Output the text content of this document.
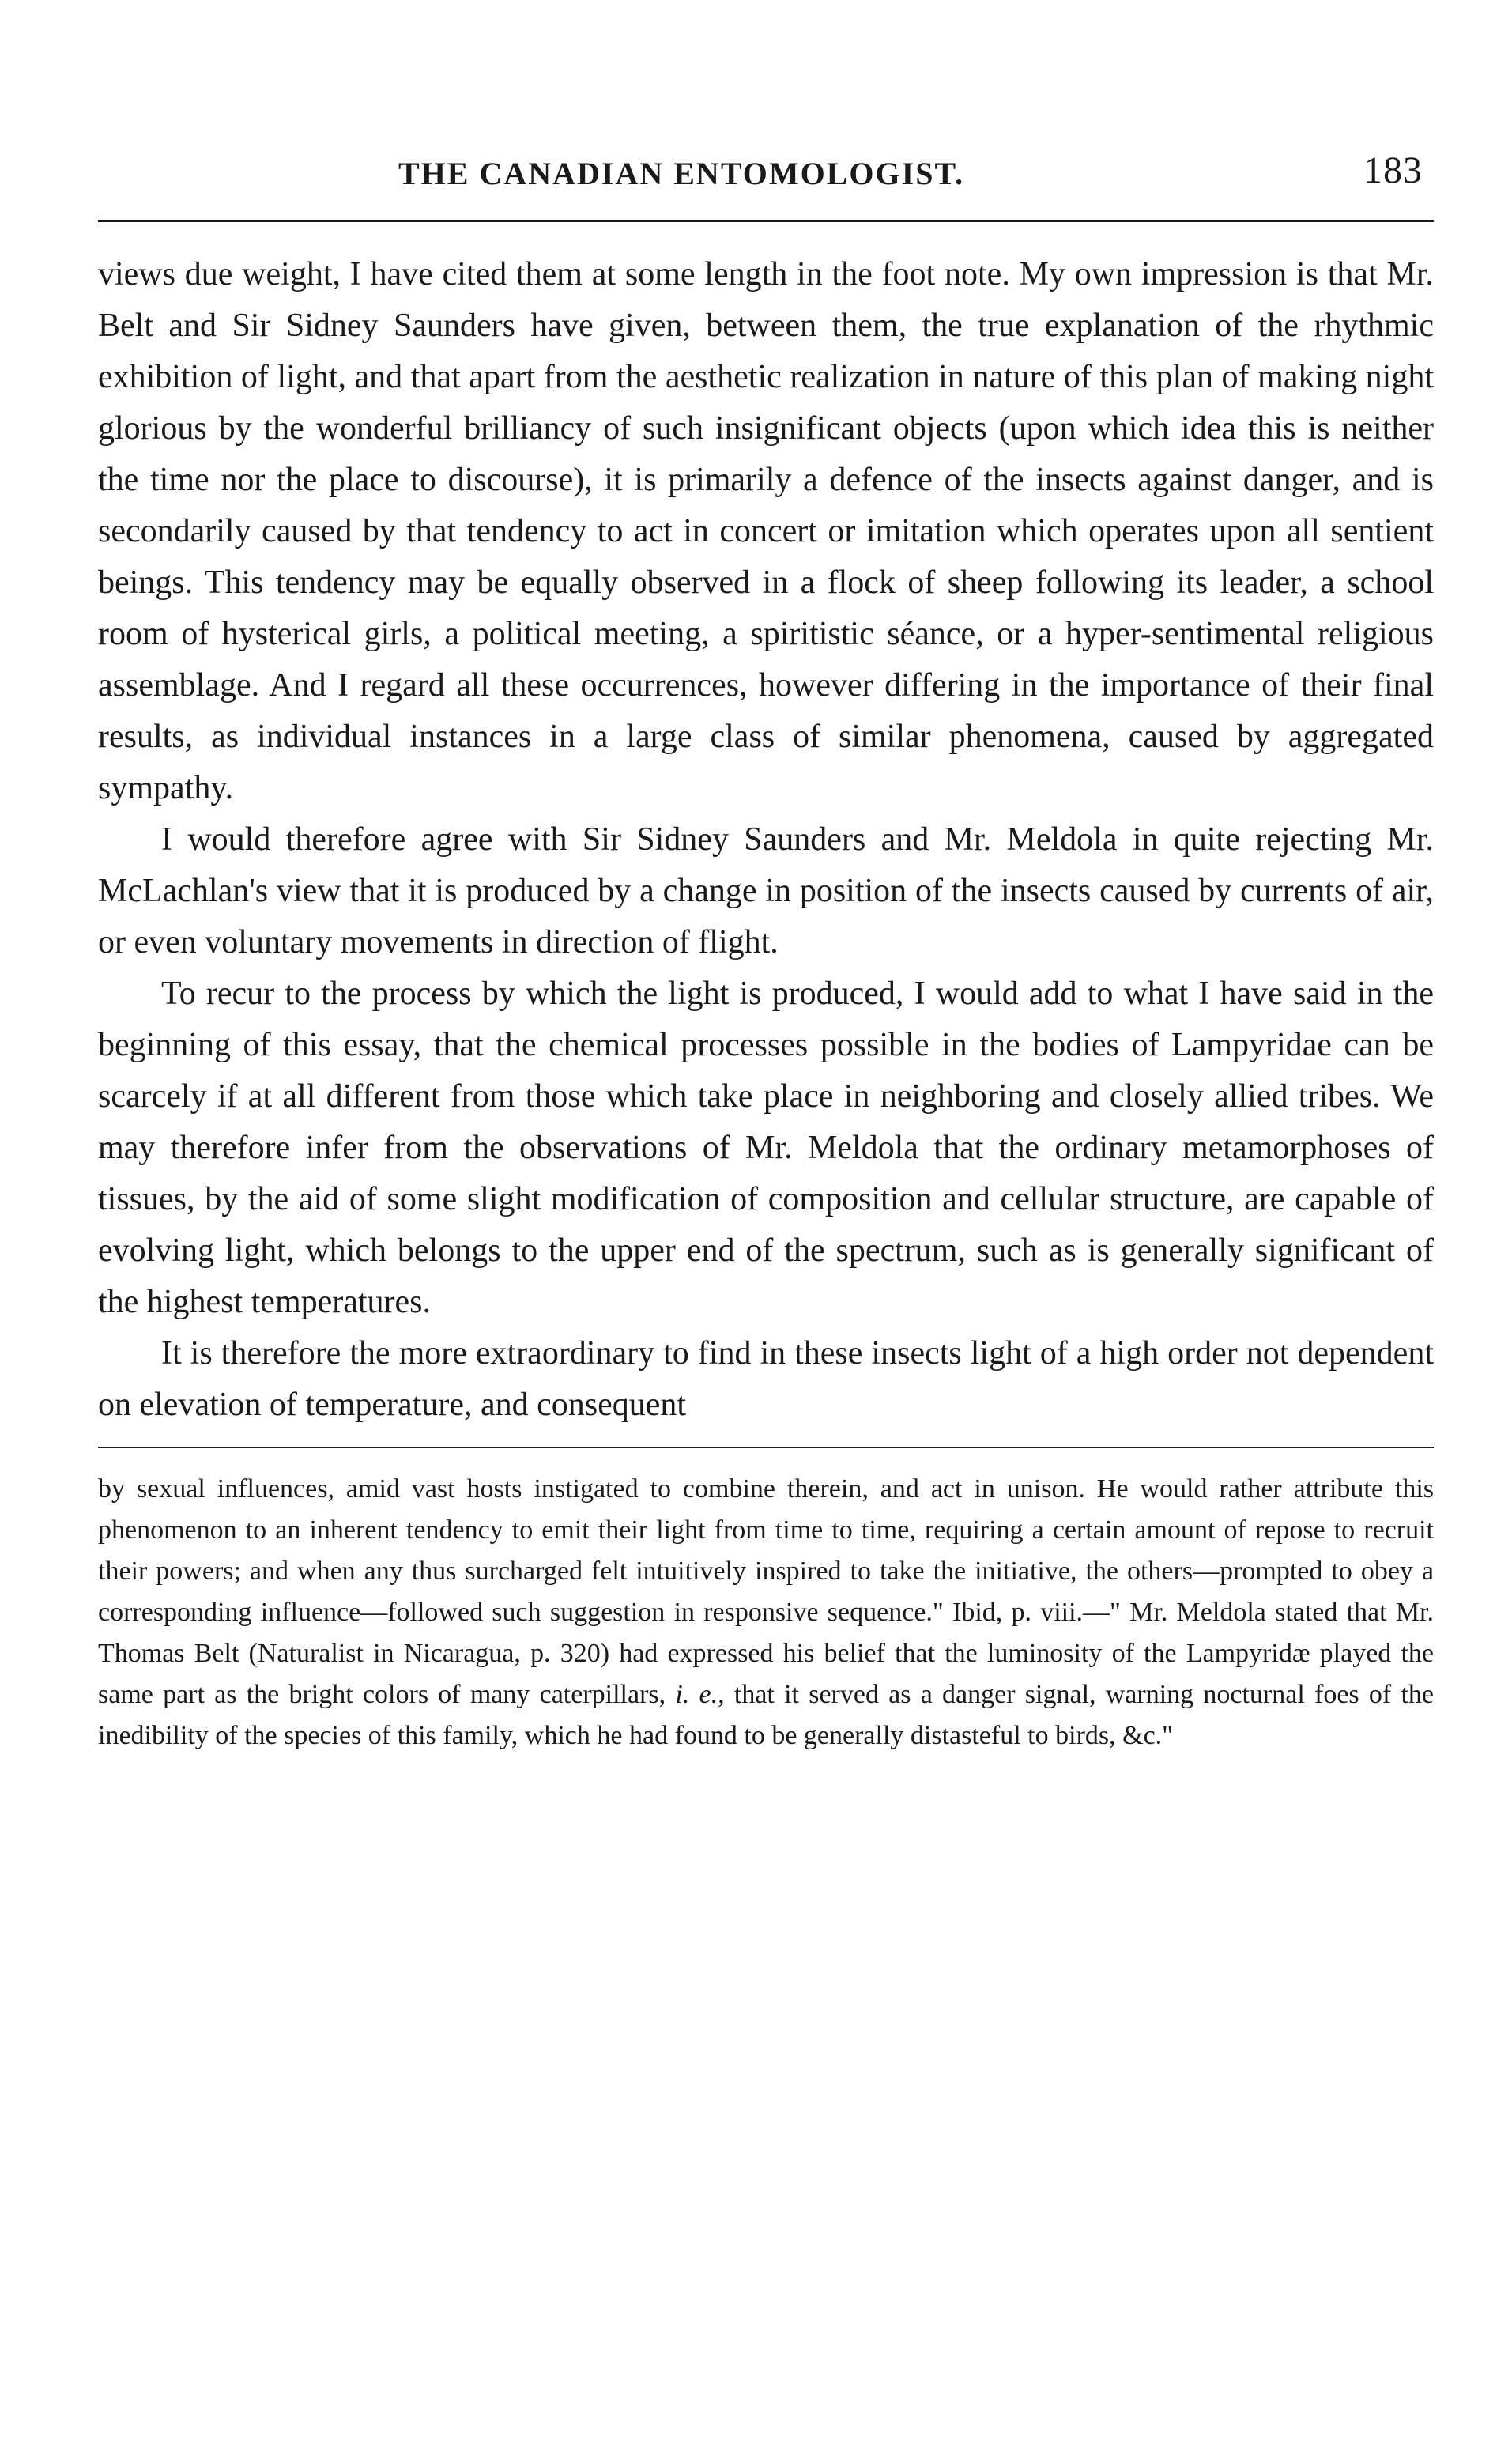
THE CANADIAN ENTOMOLOGIST.	183

views due weight, I have cited them at some length in the foot note. My own impression is that Mr. Belt and Sir Sidney Saunders have given, between them, the true explanation of the rhythmic exhibition of light, and that apart from the aesthetic realization in nature of this plan of making night glorious by the wonderful brilliancy of such insignificant objects (upon which idea this is neither the time nor the place to discourse), it is primarily a defence of the insects against danger, and is secondarily caused by that tendency to act in concert or imitation which operates upon all sentient beings. This tendency may be equally observed in a flock of sheep following its leader, a school room of hysterical girls, a political meeting, a spiritistic séance, or a hyper-sentimental religious assemblage. And I regard all these occurrences, however differing in the importance of their final results, as individual instances in a large class of similar phenomena, caused by aggregated sympathy.

I would therefore agree with Sir Sidney Saunders and Mr. Meldola in quite rejecting Mr. McLachlan's view that it is produced by a change in position of the insects caused by currents of air, or even voluntary movements in direction of flight.

To recur to the process by which the light is produced, I would add to what I have said in the beginning of this essay, that the chemical processes possible in the bodies of Lampyridae can be scarcely if at all different from those which take place in neighboring and closely allied tribes. We may therefore infer from the observations of Mr. Meldola that the ordinary metamorphoses of tissues, by the aid of some slight modification of composition and cellular structure, are capable of evolving light, which belongs to the upper end of the spectrum, such as is generally significant of the highest temperatures.

It is therefore the more extraordinary to find in these insects light of a high order not dependent on elevation of temperature, and consequent

by sexual influences, amid vast hosts instigated to combine therein, and act in unison. He would rather attribute this phenomenon to an inherent tendency to emit their light from time to time, requiring a certain amount of repose to recruit their powers; and when any thus surcharged felt intuitively inspired to take the initiative, the others—prompted to obey a corresponding influence—followed such suggestion in responsive sequence." Ibid, p. viii.—" Mr. Meldola stated that Mr. Thomas Belt (Naturalist in Nicaragua, p. 320) had expressed his belief that the luminosity of the Lampyridæ played the same part as the bright colors of many caterpillars, i. e., that it served as a danger signal, warning nocturnal foes of the inedibility of the species of this family, which he had found to be generally distasteful to birds, &c."
